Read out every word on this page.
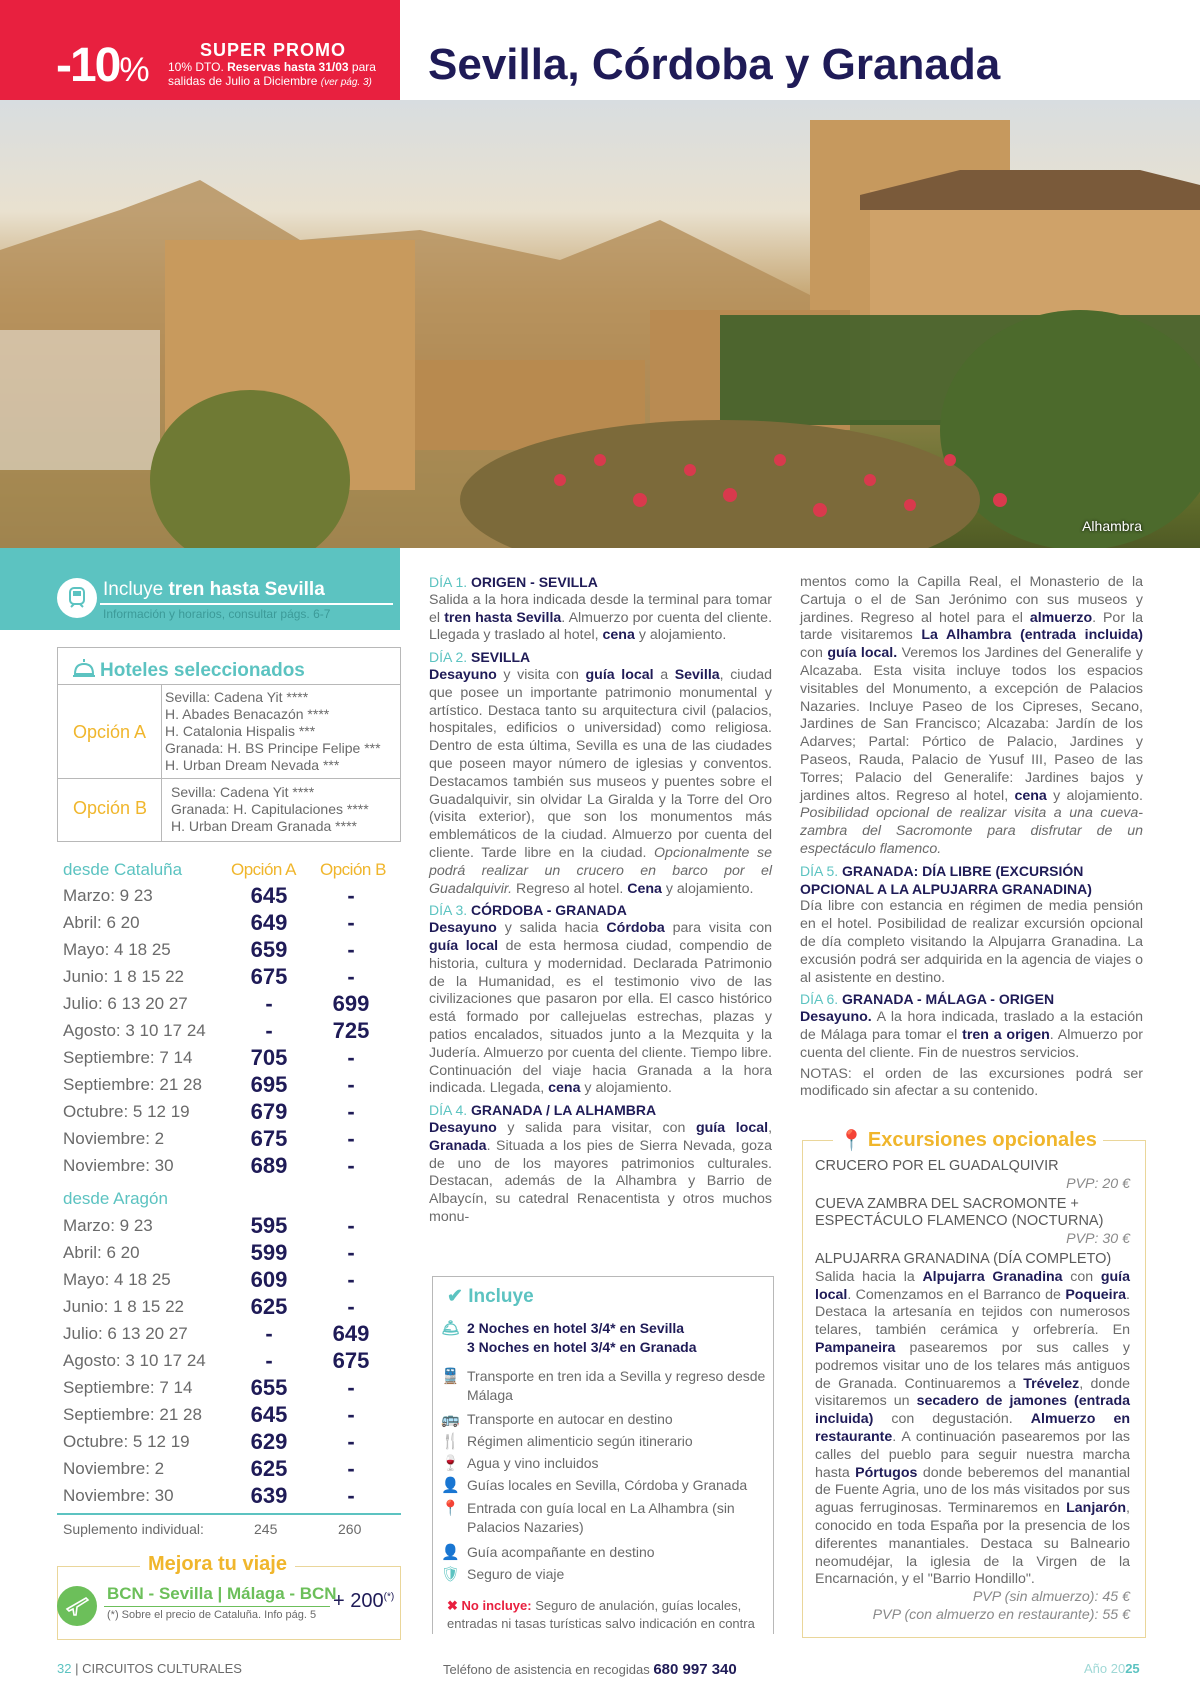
-10%
SUPER PROMO
10% DTO. Reservas hasta 31/03 para
salidas de Julio a Diciembre (ver pág. 3) Sevilla, Córdoba y Granada
Alhambra
Incluye tren hasta Sevilla
Información y horarios, consultar págs. 6-7
Hoteles seleccionados
Opción A
Sevilla: Cadena Yit ****
H. Abades Benacazón ****
H. Catalonia Hispalis ***
Granada: H. BS Principe Felipe ***
H. Urban Dream Nevada ***
Opción B
Sevilla: Cadena Yit ****
Granada: H. Capitulaciones ****
H. Urban Dream Granada ****
desde Cataluña	Opción A Opción B
Marzo: 9 23	645	-
Abril: 6 20	649	-
Mayo: 4 18 25	659	-
Junio: 1 8 15 22	675	-
Julio: 6 13 20 27	-	699
Agosto: 3 10 17 24	-	725
Septiembre: 7 14	705	-
Septiembre: 21 28	695	-
Octubre: 5 12 19	679	-
Noviembre: 2	675	-
Noviembre: 30	689	-
desde Aragón
Marzo: 9 23	595	-
Abril: 6 20	599	-
Mayo: 4 18 25	609	-
Junio: 1 8 15 22	625	-
Julio: 6 13 20 27	-	649
Agosto: 3 10 17 24	-	675
Septiembre: 7 14	655	-
Septiembre: 21 28	645	-
Octubre: 5 12 19	629	-
Noviembre: 2	625	-
Noviembre: 30	639	-
Suplemento individual:	245	260
Mejora tu viaje
BCN - Sevilla | Málaga - BCN
(*) Sobre el precio de Cataluña. Info pág. 5
+ 200(*)
DÍA 1. ORIGEN - SEVILLA

Salida a la hora indicada desde la terminal para tomar el tren hasta Sevilla. Almuerzo por cuenta del cliente. Llegada y traslado al hotel, cena y alojamiento.

DÍA 2. SEVILLA

Desayuno y visita con guía local a Sevilla, ciudad que posee un importante patrimonio monumental y artístico. Destaca tanto su arquitectura civil (palacios, hospitales, edificios o universidad) como religiosa. Dentro de esta última, Sevilla es una de las ciudades que poseen mayor número de iglesias y conventos. Destacamos también sus museos y puentes sobre el Guadalquivir, sin olvidar La Giralda y la Torre del Oro (visita exterior), que son los monumentos más emblemáticos de la ciudad. Almuerzo por cuenta del cliente. Tarde libre en la ciudad. Opcionalmente se podrá realizar un crucero en barco por el Guadalquivir. Regreso al hotel. Cena y alojamiento.

DÍA 3. CÓRDOBA - GRANADA

Desayuno y salida hacia Córdoba para visita con guía local de esta hermosa ciudad, compendio de historia, cultura y modernidad. Declarada Patrimonio de la Humanidad, es el testimonio vivo de las civilizaciones que pasaron por ella. El casco histórico está formado por callejuelas estrechas, plazas y patios encalados, situados junto a la Mezquita y la Judería. Almuerzo por cuenta del cliente. Tiempo libre. Continuación del viaje hacia Granada a la hora indicada. Llegada, cena y alojamiento.

DÍA 4. GRANADA / LA ALHAMBRA

Desayuno y salida para visitar, con guía local, Granada. Situada a los pies de Sierra Nevada, goza de uno de los mayores patrimonios culturales. Destacan, además de la Alhambra y Barrio de Albaycín, su catedral Renacentista y otros muchos monu-

✔ Incluye
🛎 2 Noches en hotel 3/4* en Sevilla
3 Noches en hotel 3/4* en Granada
🚆 Transporte en tren ida a Sevilla y regreso desde Málaga
🚌 Transporte en autocar en destino
🍴 Régimen alimenticio según itinerario
🍷 Agua y vino incluidos
👤 Guías locales en Sevilla, Córdoba y Granada
📍 Entrada con guía local en La Alhambra (sin Palacios Nazaries)
👤 Guía acompañante en destino
🛡 Seguro de viaje
✖ No incluye: Seguro de anulación, guías locales, entradas ni tasas turísticas salvo indicación en contra

mentos como la Capilla Real, el Monasterio de la Cartuja o el de San Jerónimo con sus museos y jardines. Regreso al hotel para el almuerzo. Por la tarde visitaremos La Alhambra (entrada incluida) con guía local. Veremos los Jardines del Generalife y Alcazaba. Esta visita incluye todos los espacios visitables del Monumento, a excepción de Palacios Nazaries. Incluye Paseo de los Cipreses, Secano, Jardines de San Francisco; Alcazaba: Jardín de los Adarves; Partal: Pórtico de Palacio, Jardines y Paseos, Rauda, Palacio de Yusuf III, Paseo de las Torres; Palacio del Generalife: Jardines bajos y jardines altos. Regreso al hotel, cena y alojamiento. Posibilidad opcional de realizar visita a una cueva-zambra del Sacromonte para disfrutar de un espectáculo flamenco.

DÍA 5. GRANADA: DÍA LIBRE (EXCURSIÓN OPCIONAL A LA ALPUJARRA GRANADINA)

Día libre con estancia en régimen de media pensión en el hotel. Posibilidad de realizar excursión opcional de día completo visitando la Alpujarra Granadina. La excusión podrá ser adquirida en la agencia de viajes o al asistente en destino.

DÍA 6. GRANADA - MÁLAGA - ORIGEN

Desayuno. A la hora indicada, traslado a la estación de Málaga para tomar el tren a origen. Almuerzo por cuenta del cliente. Fin de nuestros servicios.

NOTAS: el orden de las excursiones podrá ser modificado sin afectar a su contenido.

📍 Excursiones opcionales
CRUCERO POR EL GUADALQUIVIR
PVP: 20 €
CUEVA ZAMBRA DEL SACROMONTE + ESPECTÁCULO FLAMENCO (NOCTURNA)
PVP: 30 €
ALPUJARRA GRANADINA (DÍA COMPLETO)

Salida hacia la Alpujarra Granadina con guía local. Comenzamos en el Barranco de Poqueira. Destaca la artesanía en tejidos con numerosos telares, también cerámica y orfebrería. En Pampaneira pasearemos por sus calles y podremos visitar uno de los telares más antiguos de Granada. Continuaremos a Trévelez, donde visitaremos un secadero de jamones (entrada incluida) con degustación. Almuerzo en restaurante. A continuación pasearemos por las calles del pueblo para seguir nuestra marcha hasta Pórtugos donde beberemos del manantial de Fuente Agria, uno de los más visitados por sus aguas ferruginosas. Terminaremos en Lanjarón, conocido en toda España por la presencia de los diferentes manantiales. Destaca su Balneario neomudéjar, la iglesia de la Virgen de la Encarnación, y el "Barrio Hondillo".

PVP (sin almuerzo): 45 €
PVP (con almuerzo en restaurante): 55 €
32 | CIRCUITOS CULTURALES	Teléfono de asistencia en recogidas 680 997 340	Año 2025
